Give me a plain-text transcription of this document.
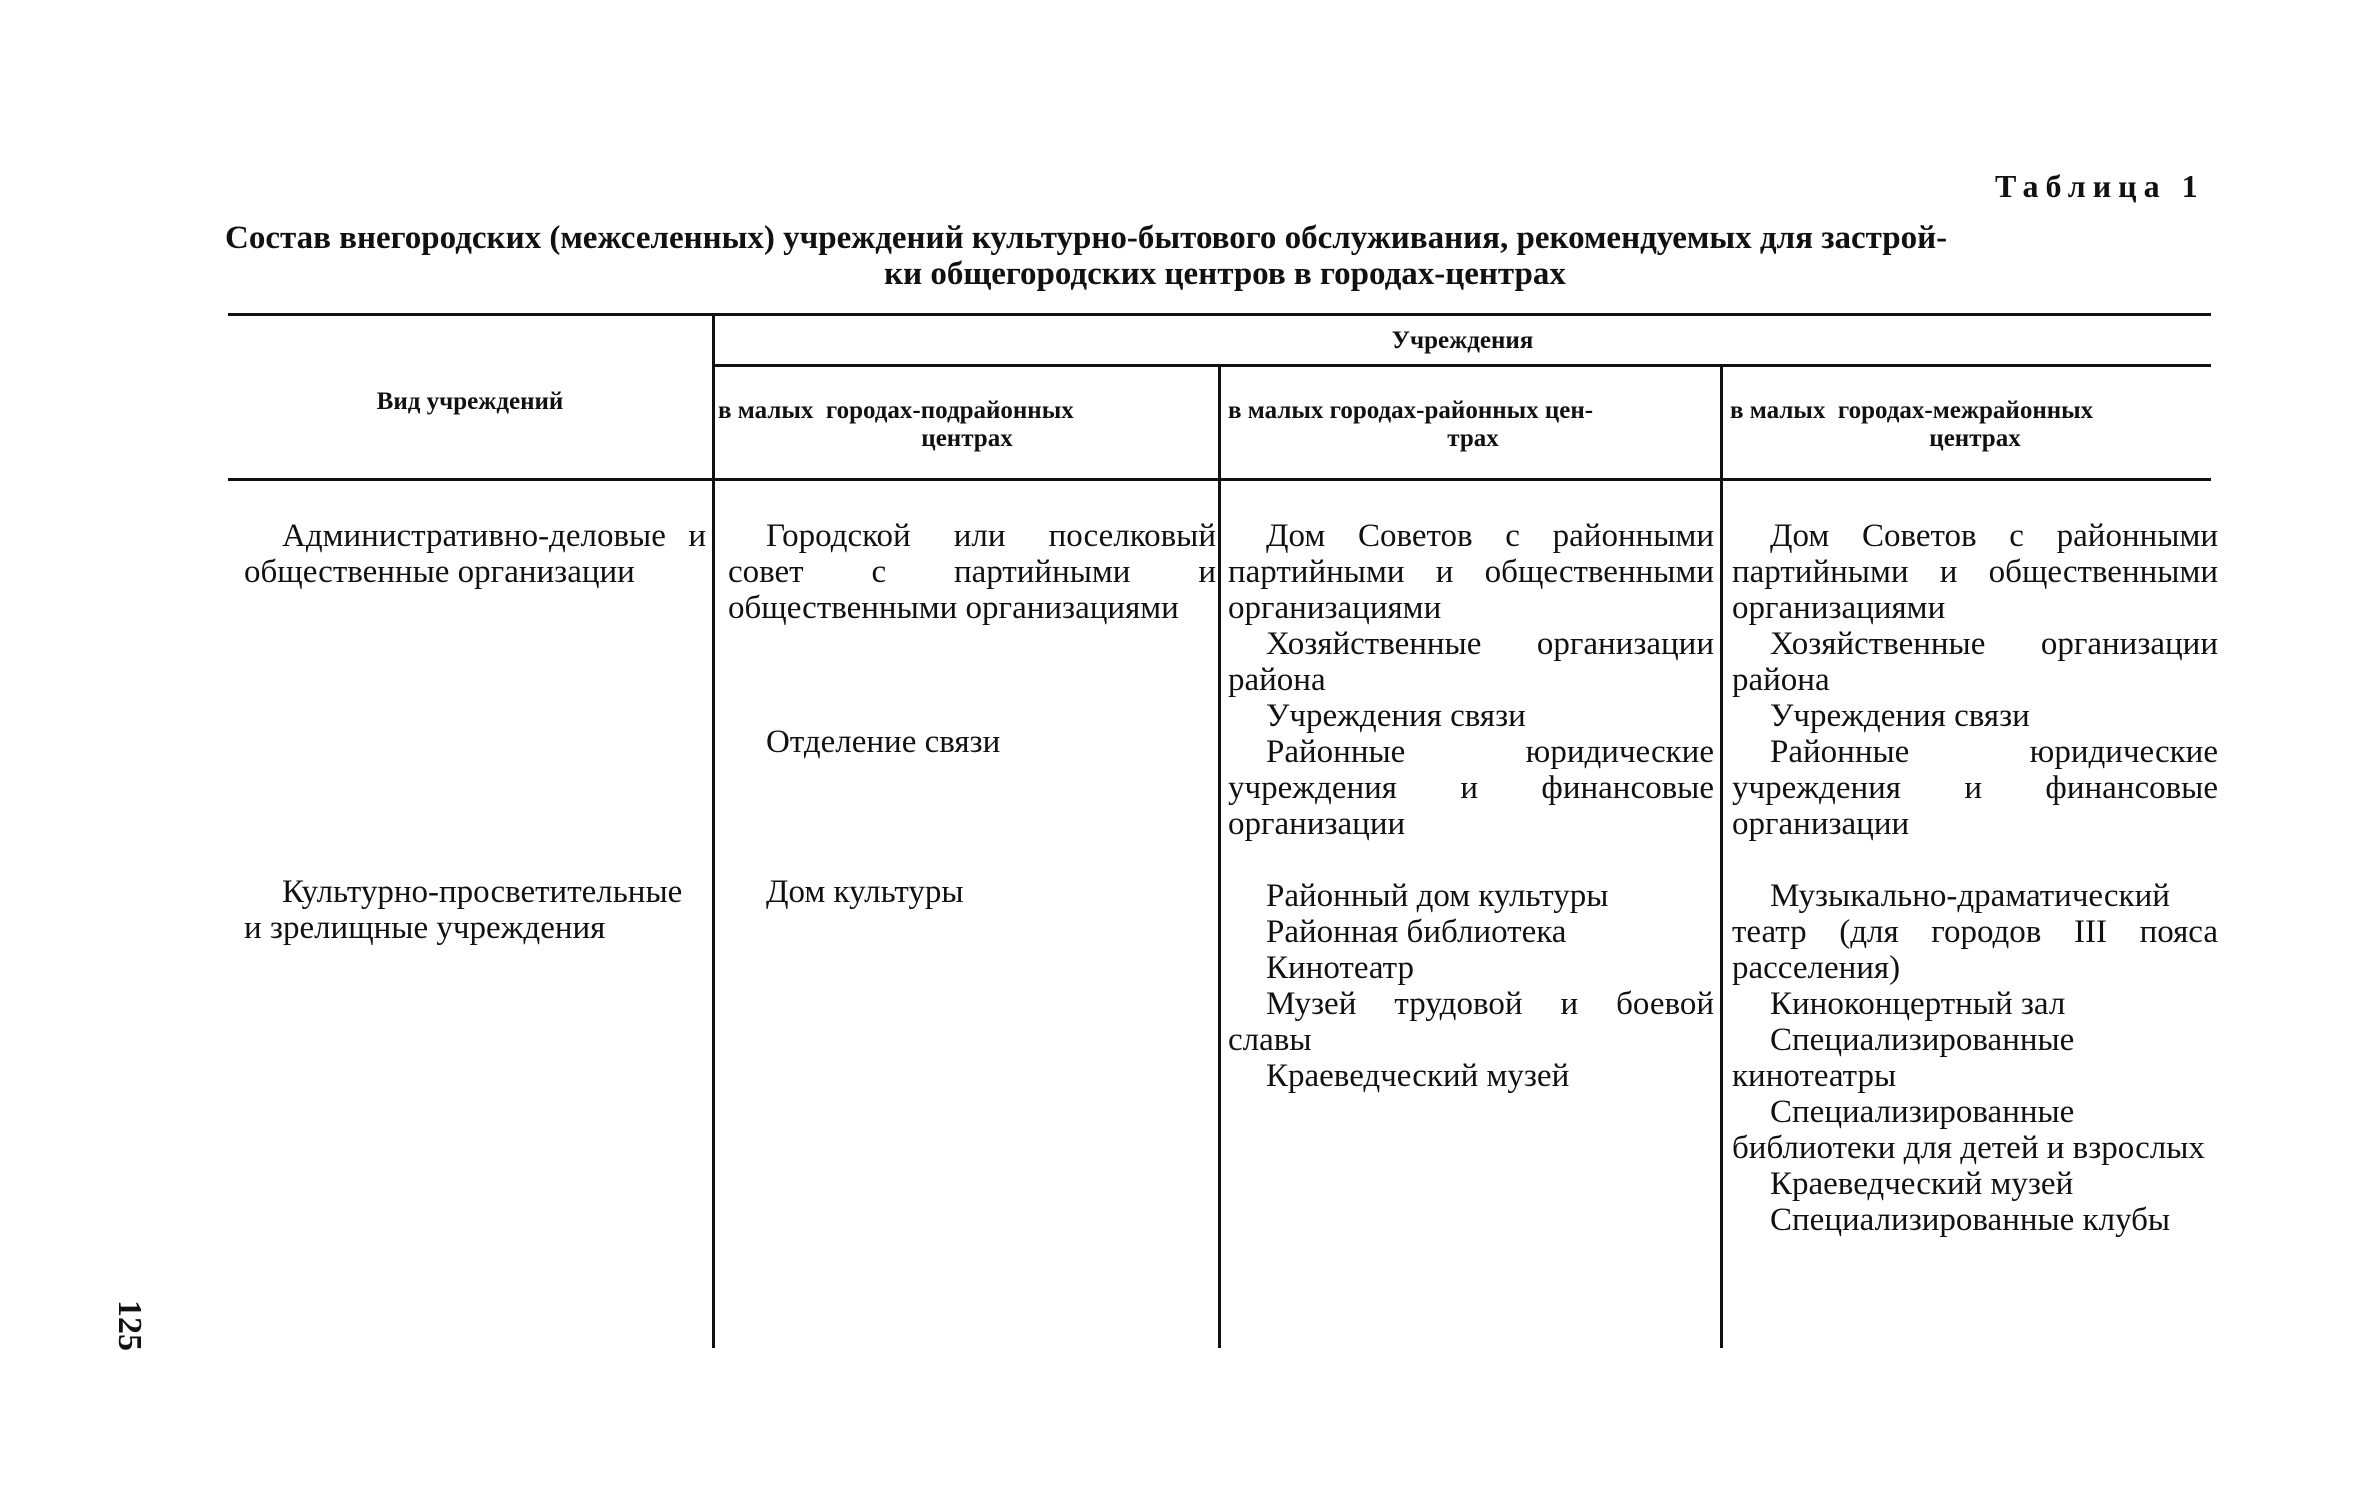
Таблица 1
Состав внегородских (межселенных) учреждений культурно-бытового обслуживания, рекомендуемых для застрой-
ки общегородских центров в городах-центрах
Вид учреждений
Учреждения
в малых  городах-подрайонных
центрах
в малых городах-районных цен-
трах
в малых  городах-межрайонных
центрах

Административно-деловые и общественные организации

Городской или поселковый совет с партийными и общественными организациями

Отделение связи

Дом Советов с районными партийными и общественными организациями

Хозяйственные организации района

Учреждения связи

Районные юридические учреждения и финансовые организации

Дом Советов с районными партийными и общественными организациями

Хозяйственные организации района

Учреждения связи

Районные юридические учреждения и финансовые организации

Культурно-просветительные и зрелищные учреждения

Дом культуры	Районный дом культуры

Районная библиотека

Кинотеатр

Музей трудовой и боевой славы

Краеведческий музей

Музыкально-драматический театр (для городов III пояса расселения)

Киноконцертный зал

Специализированные кинотеатры

Специализированные библиотеки для детей и взрослых

Краеведческий музей

Специализированные клубы

125
